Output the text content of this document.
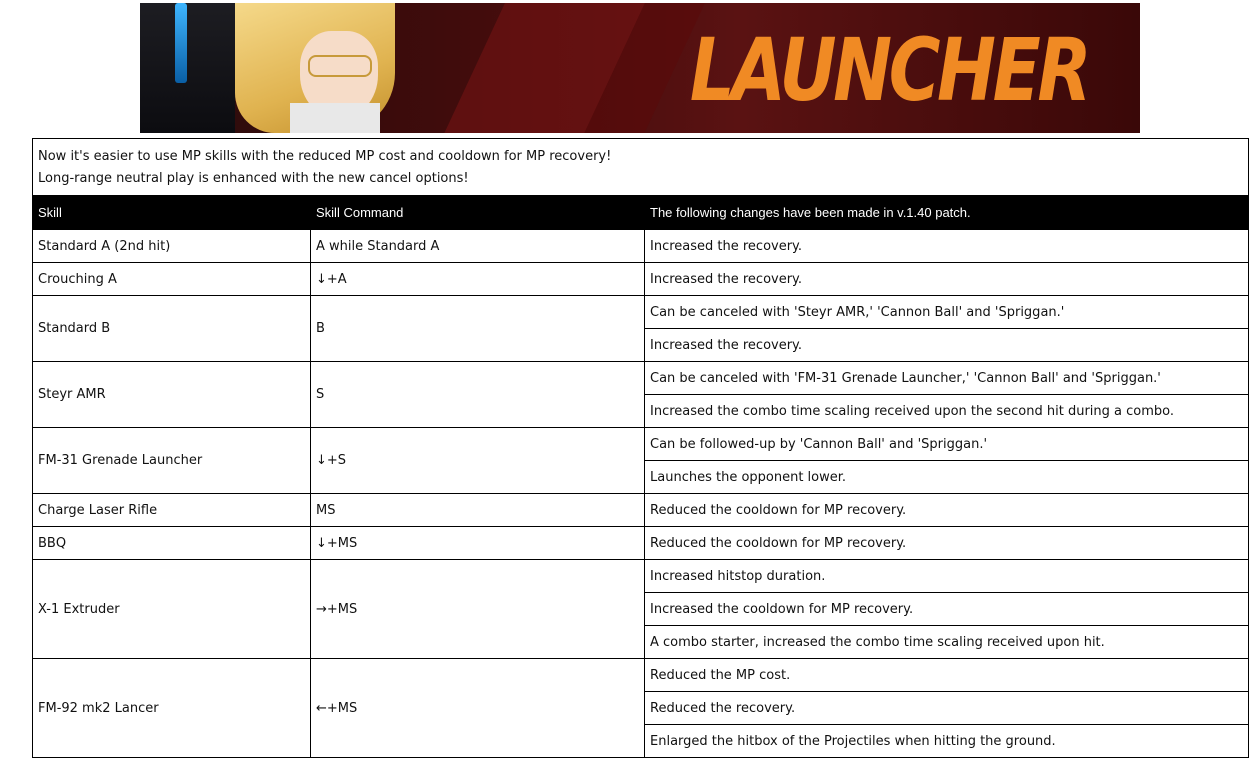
LAUNCHER
Now it's easier to use MP skills with the reduced MP cost and cooldown for MP recovery!
Long-range neutral play is enhanced with the new cancel options!		

Skill	Skill Command	The following changes have been made in v.1.40 patch.
Standard A (2nd hit)	A while Standard A	Increased the recovery.
Crouching A	↓+A	Increased the recovery.
Standard B	B	Can be canceled with 'Steyr AMR,' 'Cannon Ball' and 'Spriggan.'
		Increased the recovery.
Steyr AMR	S	Can be canceled with 'FM-31 Grenade Launcher,' 'Cannon Ball' and 'Spriggan.'
		Increased the combo time scaling received upon the second hit during a combo.
FM-31 Grenade Launcher	↓+S	Can be followed-up by 'Cannon Ball' and 'Spriggan.'
		Launches the opponent lower.
Charge Laser Rifle	MS	Reduced the cooldown for MP recovery.
BBQ	↓+MS	Reduced the cooldown for MP recovery.
X-1 Extruder	→+MS	Increased hitstop duration.
		Increased the cooldown for MP recovery.
		A combo starter, increased the combo time scaling received upon hit.
FM-92 mk2 Lancer	←+MS	Reduced the MP cost.
		Reduced the recovery.
		Enlarged the hitbox of the Projectiles when hitting the ground.
